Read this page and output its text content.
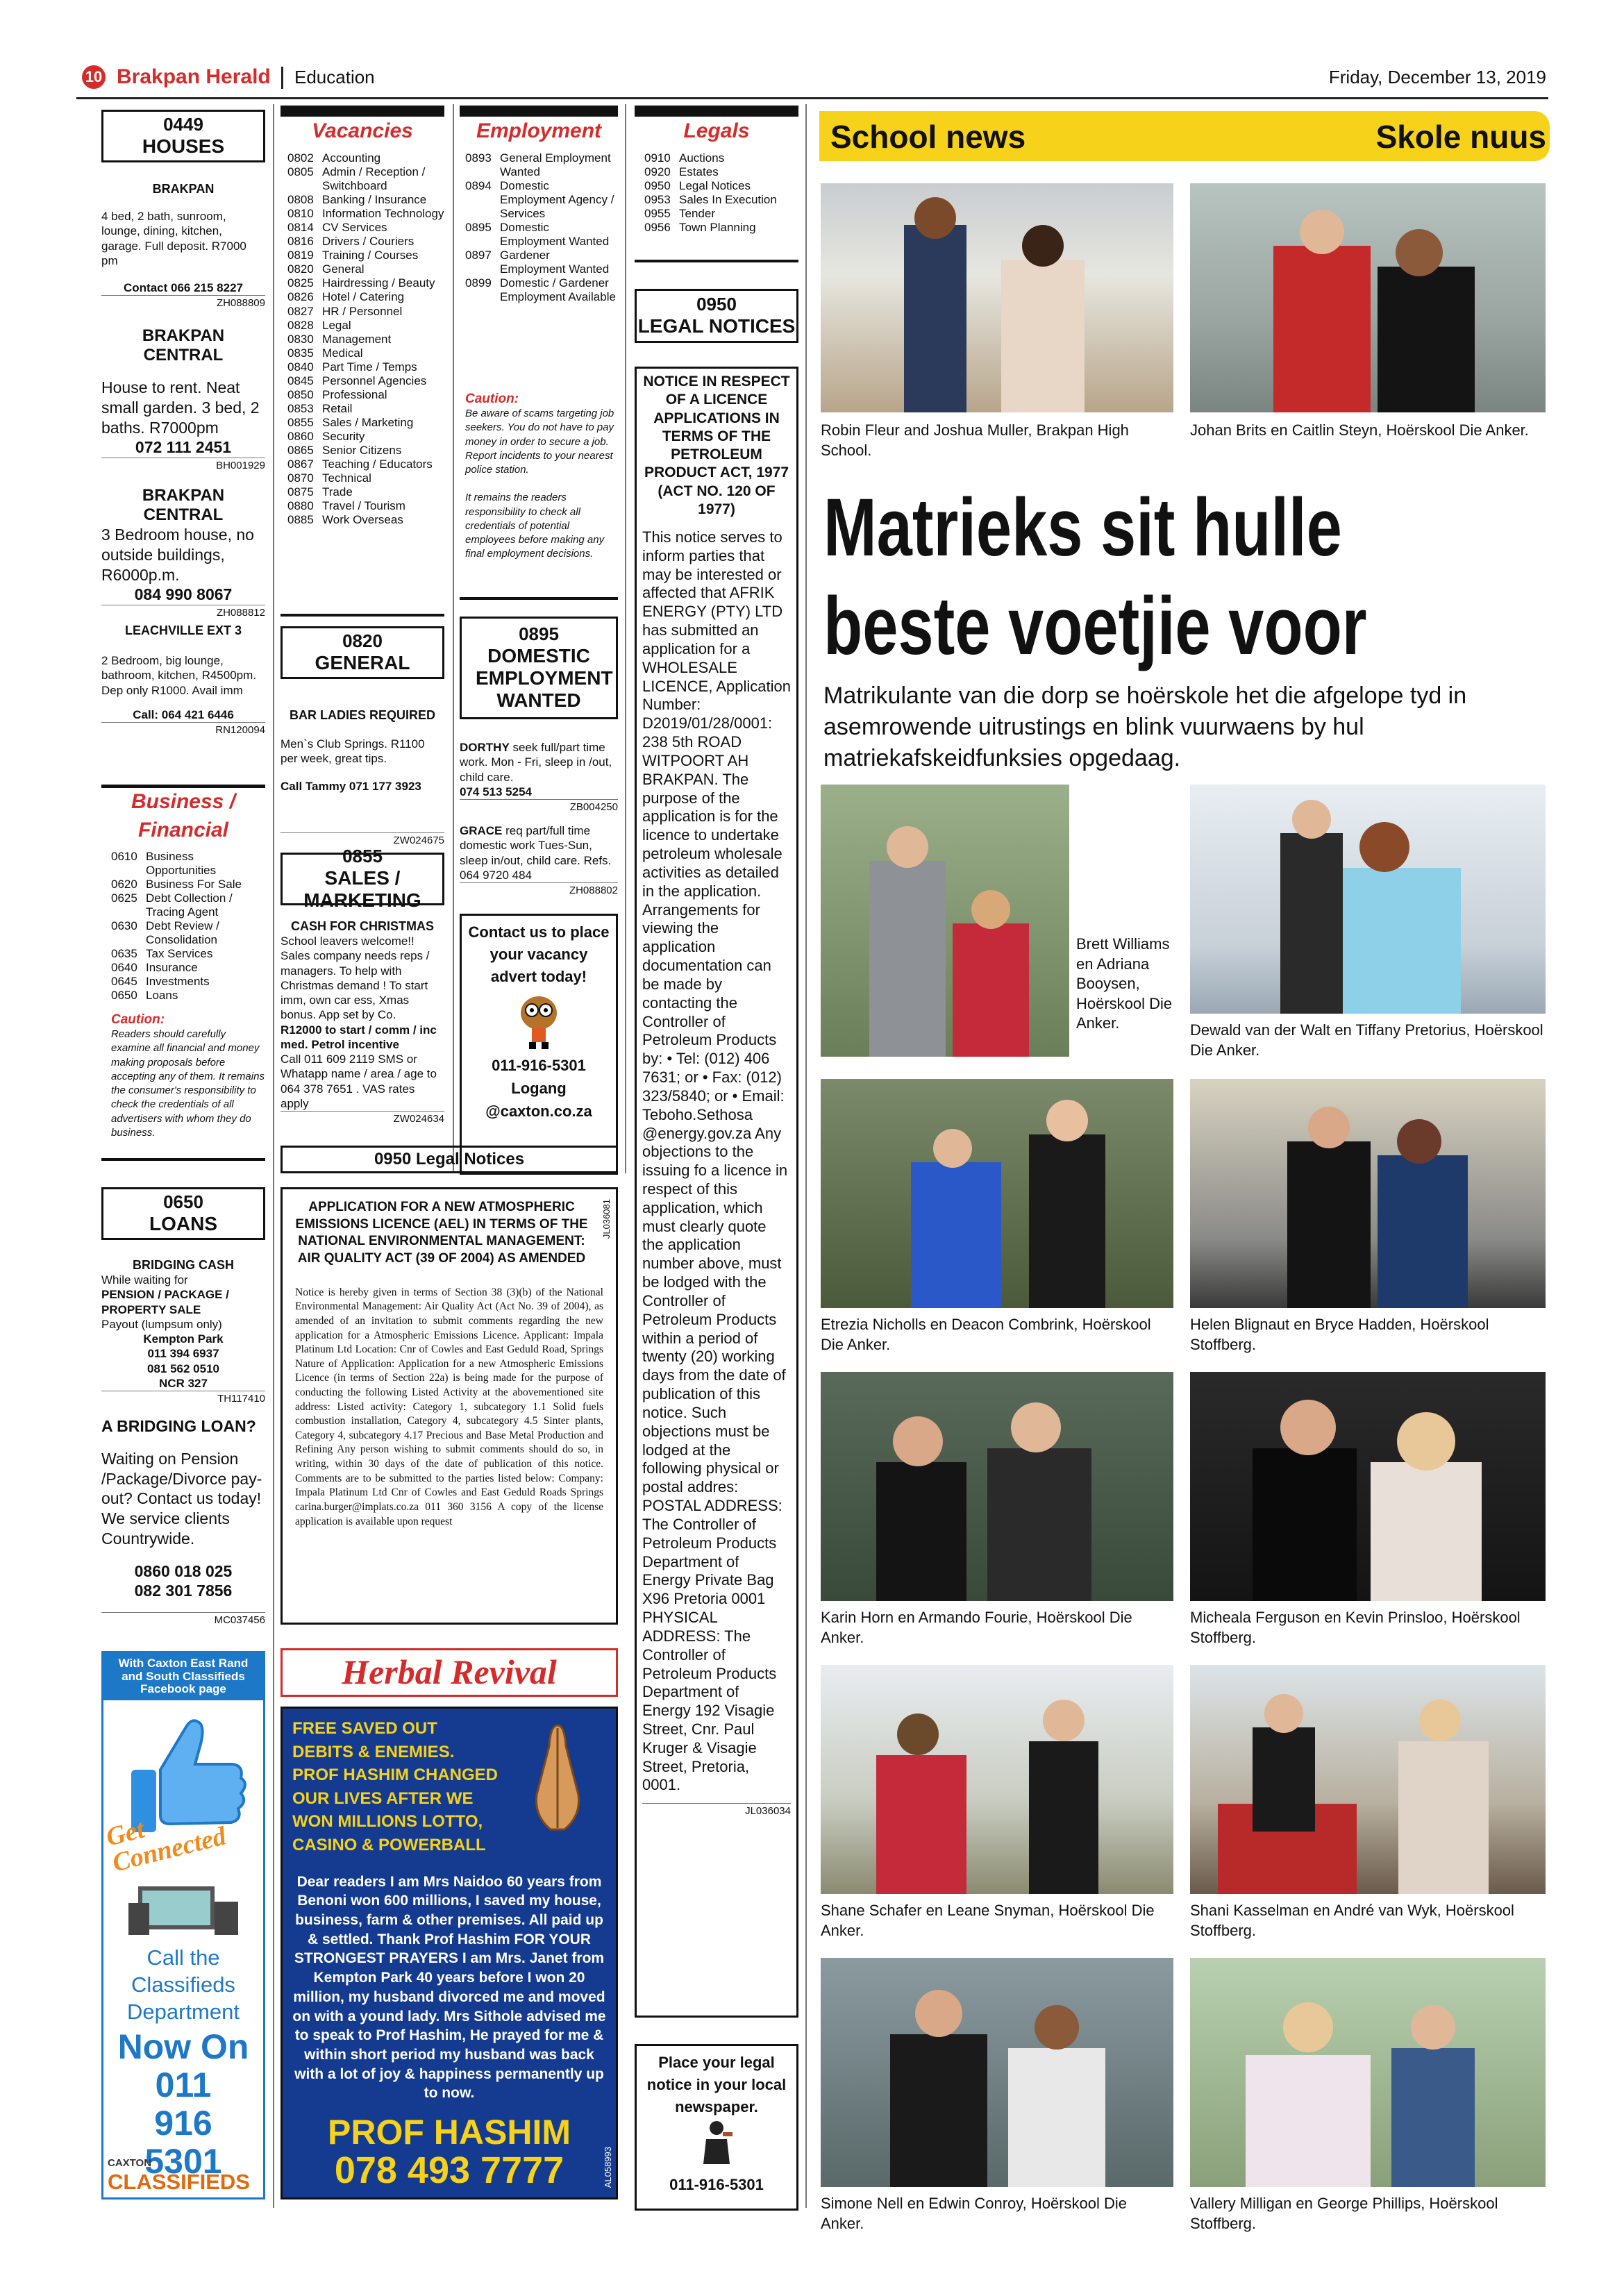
10 Brakpan Herald Education	Friday, December 13, 2019
0449
HOUSES
BRAKPAN
4 bed, 2 bath, sunroom, lounge, dining, kitchen, garage. Full deposit. R7000 pm
Contact 066 215 8227
ZH088809
BRAKPAN CENTRAL
House to rent. Neat small garden. 3 bed, 2 baths. R7000pm
072 111 2451
BH001929
BRAKPAN CENTRAL
3 Bedroom house, no outside buildings, R6000p.m.
084 990 8067
ZH088812
LEACHVILLE EXT 3
2 Bedroom, big lounge, bathroom, kitchen, R4500pm. Dep only R1000. Avail imm
Call: 064 421 6446
RN120094
Business / Financial
0610 Business Opportunities
0620 Business For Sale
0625 Debt Collection / Tracing Agent
0630 Debt Review / Consolidation
0635 Tax Services
0640 Insurance
0645 Investments
0650 Loans
Caution:
Readers should carefully examine all financial and money making proposals before accepting any of them. It remains the consumer's responsibility to check the credentials of all advertisers with whom they do business.
0650
LOANS
BRIDGING CASH
While waiting for
PENSION / PACKAGE / PROPERTY SALE
Payout (lumpsum only)
Kempton Park
011 394 6937
081 562 0510
NCR 327
TH117410
A BRIDGING LOAN?
Waiting on Pension /Package/Divorce pay-out? Contact us today! We service clients Countrywide.
0860 018 025
082 301 7856
MC037456
With Caxton East Rand and South Classifieds Facebook page
Get Connected
Call the Classifieds Department
Now On
011
916
5301
CAXTON
CLASSIFIEDS
Vacancies
0802 Accounting
0805 Admin / Reception / Switchboard
0808 Banking / Insurance
0810 Information Technology
0814 CV Services
0816 Drivers / Couriers
0819 Training / Courses
0820 General
0825 Hairdressing / Beauty
0826 Hotel / Catering
0827 HR / Personnel
0828 Legal
0830 Management
0835 Medical
0840 Part Time / Temps
0845 Personnel Agencies
0850 Professional
0853 Retail
0855 Sales / Marketing
0860 Security
0865 Senior Citizens
0867 Teaching / Educators
0870 Technical
0875 Trade
0880 Travel / Tourism
0885 Work Overseas
0820
GENERAL
BAR LADIES REQUIRED
Men`s Club Springs. R1100 per week, great tips.
Call Tammy 071 177 3923
ZW024675
0855
SALES / MARKETING
CASH FOR CHRISTMAS
School leavers welcome!! Sales company needs reps / managers. To help with Christmas demand ! To start imm, own car ess, Xmas bonus. App set by Co.
R12000 to start / comm / inc med. Petrol incentive
Call 011 609 2119 SMS or Whatapp name / area / age to 064 378 7651 . VAS rates apply
ZW024634
Employment
0893 General Employment Wanted
0894 Domestic Employment Agency / Services
0895 Domestic Employment Wanted
0897 Gardener Employment Wanted
0899 Domestic / Gardener Employment Available
Caution:
Be aware of scams targeting job seekers. You do not have to pay money in order to secure a job. Report incidents to your nearest police station.
It remains the readers responsibility to check all credentials of potential employees before making any final employment decisions.
0895
DOMESTIC EMPLOYMENT WANTED
DORTHY seek full/part time work. Mon - Fri, sleep in /out, child care.
074 513 5254
ZB004250
GRACE req part/full time domestic work Tues-Sun, sleep in/out, child care. Refs. 064 9720 484
ZH088802
Contact us to place your vacancy advert today!
011-916-5301
Logang
@caxton.co.za
Legals
0910 Auctions
0920 Estates
0950 Legal Notices
0953 Sales In Execution
0955 Tender
0956 Town Planning
0950
LEGAL NOTICES
NOTICE IN RESPECT OF A LICENCE APPLICATIONS IN TERMS OF THE PETROLEUM PRODUCT ACT, 1977 (ACT NO. 120 OF 1977)
This notice serves to inform parties that may be interested or affected that AFRIK ENERGY (PTY) LTD has submitted an application for a WHOLESALE LICENCE, Application Number: D2019/01/28/0001: 238 5th ROAD WITPOORT AH BRAKPAN. The purpose of the application is for the licence to undertake petroleum wholesale activities as detailed in the application. Arrangements for viewing the application documentation can be made by contacting the Controller of Petroleum Products by: • Tel: (012) 406 7631; or • Fax: (012) 323/5840; or • Email: Teboho.Sethosa @energy.gov.za Any objections to the issuing fo a licence in respect of this application, which must clearly quote the application number above, must be lodged with the Controller of Petroleum Products within a period of twenty (20) working days from the date of publication of this notice. Such objections must be lodged at the following physical or postal addres: POSTAL ADDRESS: The Controller of Petroleum Products Department of Energy Private Bag X96 Pretoria 0001 PHYSICAL ADDRESS: The Controller of Petroleum Products Department of Energy 192 Visagie Street, Cnr. Paul Kruger & Visagie Street, Pretoria, 0001.
JL036034
Place your legal notice in your local newspaper.
011-916-5301
0950 Legal Notices
APPLICATION FOR A NEW ATMOSPHERIC EMISSIONS LICENCE (AEL) IN TERMS OF THE NATIONAL ENVIRONMENTAL MANAGEMENT: AIR QUALITY ACT (39 OF 2004) AS AMENDED
JL036081
Notice is hereby given in terms of Section 38 (3)(b) of the National Environmental Management: Air Quality Act (Act No. 39 of 2004), as amended of an invitation to submit comments regarding the new application for a Atmospheric Emissions Licence. Applicant: Impala Platinum Ltd Location: Cnr of Cowles and East Geduld Road, Springs Nature of Application: Application for a new Atmospheric Emissions Licence (in terms of Section 22a) is being made for the purpose of conducting the following Listed Activity at the abovementioned site address: Listed activity: Category 1, subcategory 1.1 Solid fuels combustion installation, Category 4, subcategory 4.5 Sinter plants, Category 4, subcategory 4.17 Precious and Base Metal Production and Refining Any person wishing to submit comments should do so, in writing, within 30 days of the date of publication of this notice. Comments are to be submitted to the parties listed below: Company: Impala Platinum Ltd Cnr of Cowles and East Geduld Roads Springs carina.burger@implats.co.za 011 360 3156 A copy of the license application is available upon request
Herbal Revival
FREE SAVED OUT DEBITS & ENEMIES. PROF HASHIM CHANGED OUR LIVES AFTER WE WON MILLIONS LOTTO, CASINO & POWERBALL
Dear readers I am Mrs Naidoo 60 years from Benoni won 600 millions, I saved my house, business, farm & other premises. All paid up & settled. Thank Prof Hashim FOR YOUR STRONGEST PRAYERS I am Mrs. Janet from Kempton Park 40 years before I won 20 million, my husband divorced me and moved on with a yound lady. Mrs Sithole advised me to speak to Prof Hashim, He prayed for me & within short period my husband was back with a lot of joy & happiness permanently up to now.
PROF HASHIM
078 493 7777	AL058993
School news	Skole nuus
Robin Fleur and Joshua Muller, Brakpan High School.
Johan Brits en Caitlin Steyn, Hoërskool Die Anker.
Matrieks sit hulle
beste voetjie voor
Matrikulante van die dorp se hoërskole het die afgelope tyd in asemrowende uitrustings en blink vuurwaens by hul matriekafskeidfunksies opgedaag.
Brett Williams en Adriana Booysen, Hoërskool Die Anker.	Dewald van der Walt en Tiffany Pretorius, Hoërskool Die Anker.
Etrezia Nicholls en Deacon Combrink, Hoërskool Die Anker.
Helen Blignaut en Bryce Hadden, Hoërskool Stoffberg.
Karin Horn en Armando Fourie, Hoërskool Die Anker.
Micheala Ferguson en Kevin Prinsloo, Hoërskool Stoffberg.
Shane Schafer en Leane Snyman, Hoërskool Die Anker.
Shani Kasselman en André van Wyk, Hoërskool Stoffberg.
Simone Nell en Edwin Conroy, Hoërskool Die Anker.
Vallery Milligan en George Phillips, Hoërskool Stoffberg.
